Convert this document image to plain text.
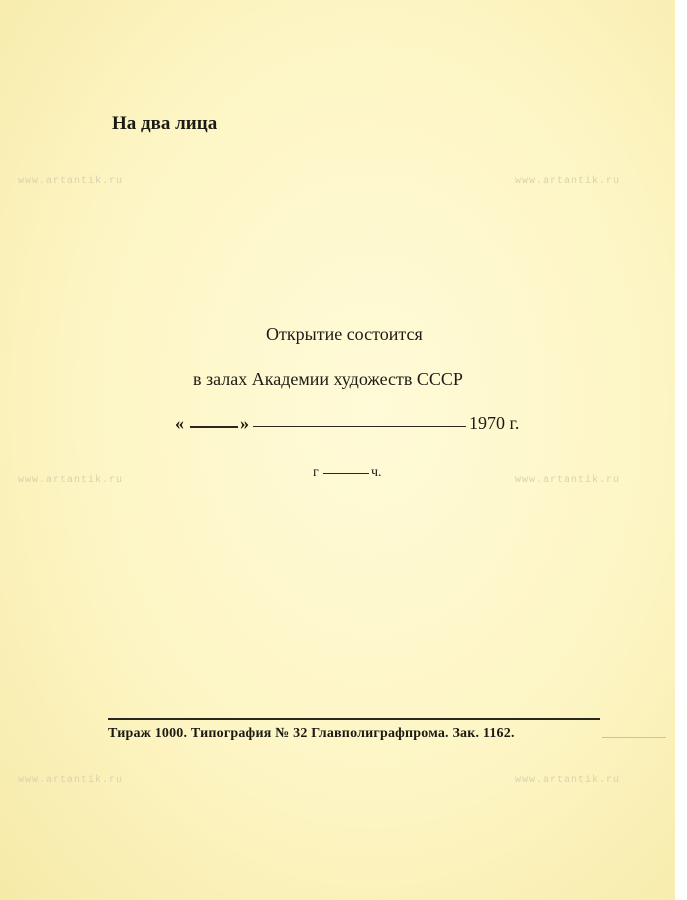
www.artantik.ru	www.artantik.ru
www.artantik.ru	www.artantik.ru
www.artantik.ru	www.artantik.ru
На два лица
Открытие состоится
в залах Академии художеств СССР
«	»	1970 г.
г	ч.
Тираж 1000. Типография № 32 Главполиграфпрома. Зак. 1162.
